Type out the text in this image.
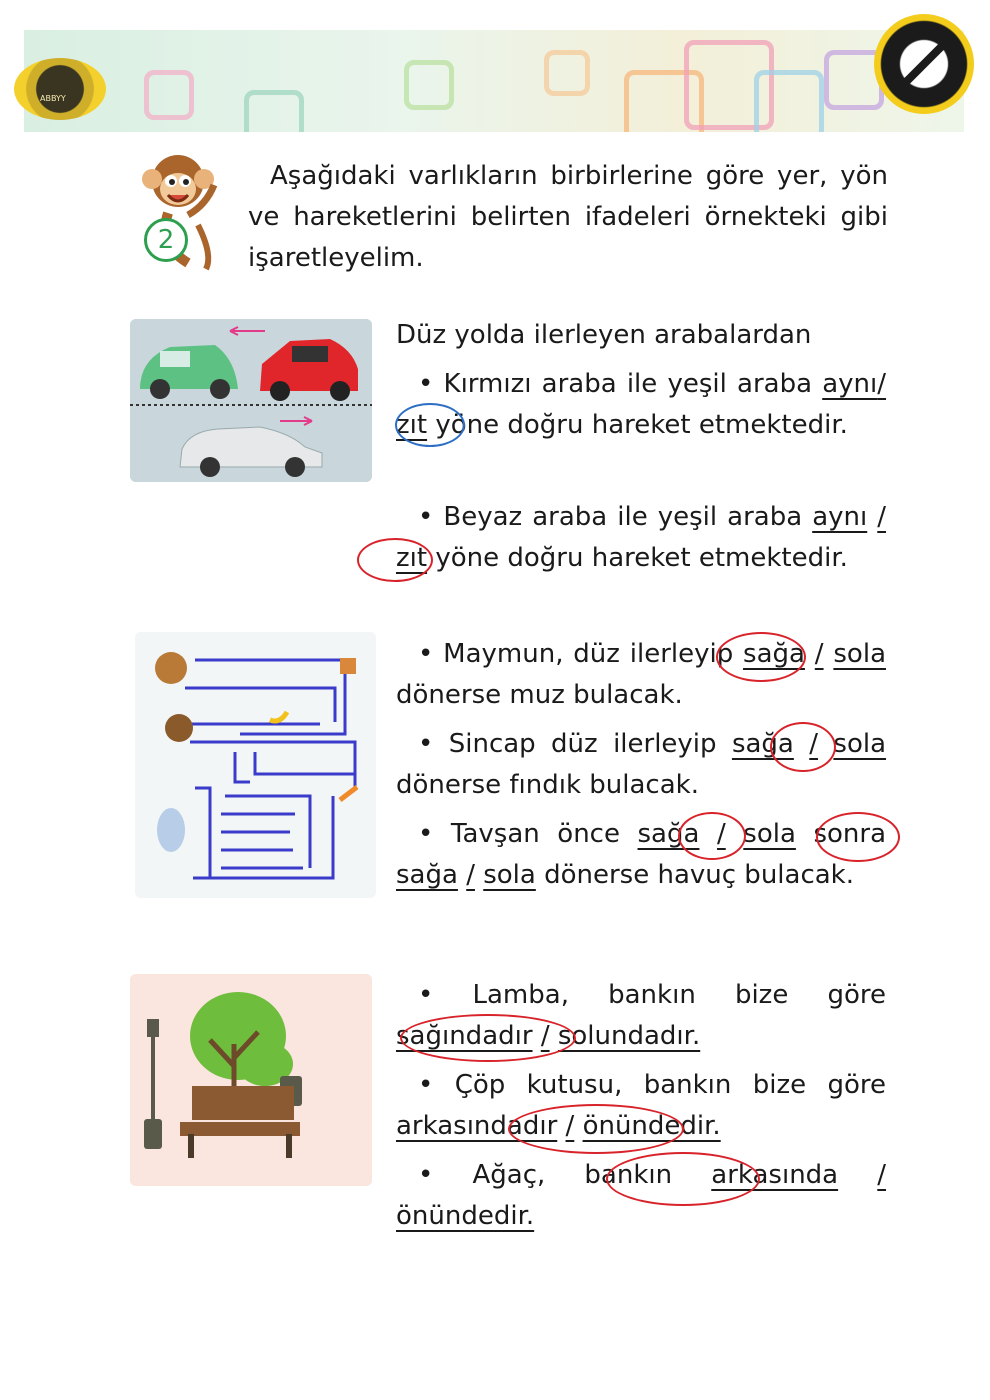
ABBYY
2
Aşağıdaki varlıkların birbirlerine göre yer, yön ve hareketlerini belirten ifadeleri örnekteki gibi işaretleyelim.
Düz yolda ilerleyen arabalardan
• Kırmızı araba ile yeşil araba aynı/ zıt yöne doğru hareket etmektedir.
• Beyaz araba ile yeşil araba aynı / zıt yöne doğru hareket etmektedir.
• Maymun, düz ilerleyip sağa / sola dönerse muz bulacak.
• Sincap düz ilerleyip sağa / sola dönerse fındık bulacak.
• Tavşan önce sağa / sola sonra sağa / sola dönerse havuç bulacak.
• Lamba, bankın bize göre sağındadır / solundadır.
• Çöp kutusu, bankın bize göre arkasındadır / önündedir.
• Ağaç, bankın arkasında / önündedir.
